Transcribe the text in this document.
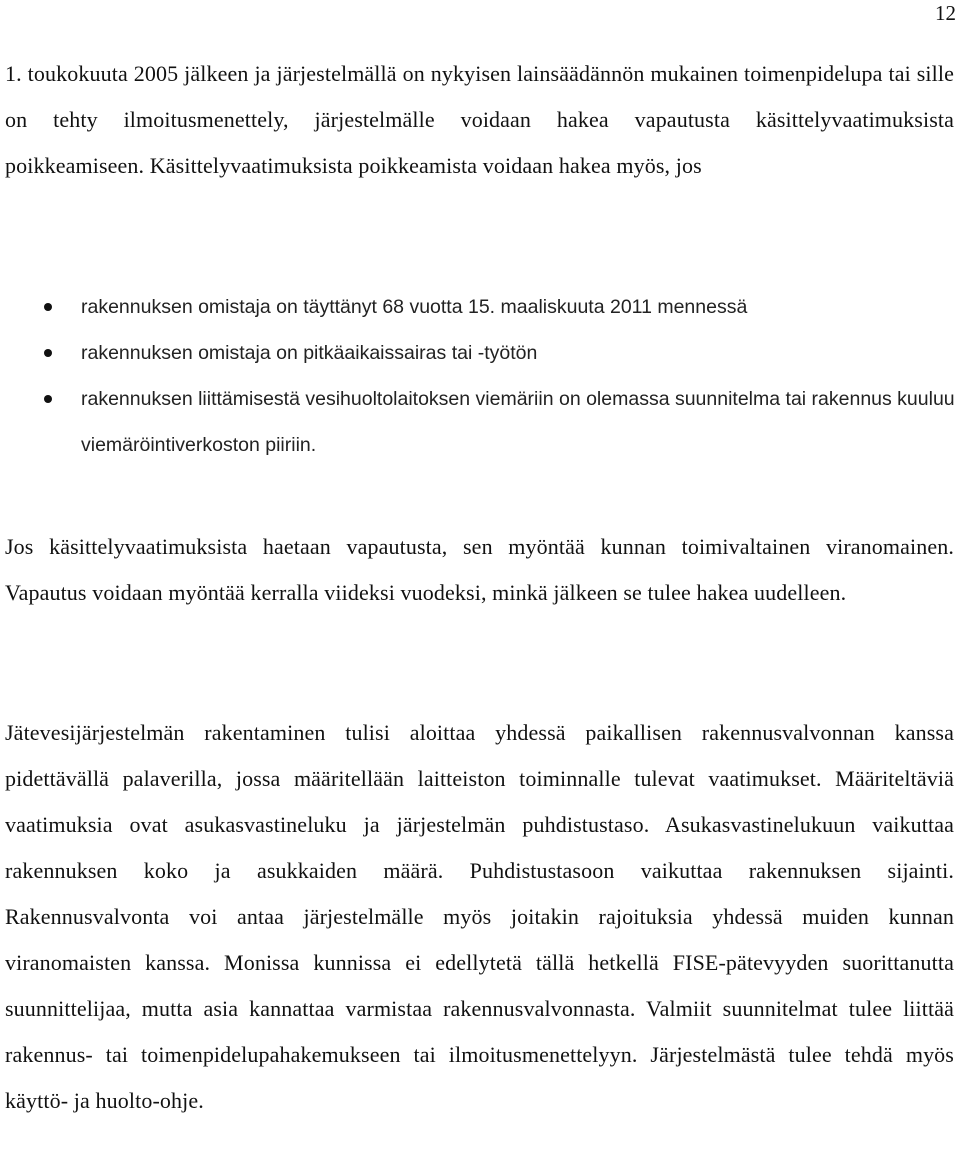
12

1. toukokuuta 2005 jälkeen ja järjestelmällä on nykyisen lainsäädännön mukainen toimenpidelupa tai sille on tehty ilmoitusmenettely, järjestelmälle voidaan hakea vapautusta käsittelyvaatimuksista poikkeamiseen. Käsittelyvaatimuksista poikkeamista voidaan hakea myös, jos

rakennuksen omistaja on täyttänyt 68 vuotta 15. maaliskuuta 2011 mennessä
rakennuksen omistaja on pitkäaikaissairas tai -työtön
rakennuksen liittämisestä vesihuoltolaitoksen viemäriin on olemassa suunnitelma tai rakennus kuuluu viemäröintiverkoston piiriin.

Jos käsittelyvaatimuksista haetaan vapautusta, sen myöntää kunnan toimivaltainen viranomainen. Vapautus voidaan myöntää kerralla viideksi vuodeksi, minkä jälkeen se tulee hakea uudelleen.

Jätevesijärjestelmän rakentaminen tulisi aloittaa yhdessä paikallisen rakennusvalvonnan kanssa pidettävällä palaverilla, jossa määritellään laitteiston toiminnalle tulevat vaatimukset. Määriteltäviä vaatimuksia ovat asukasvastineluku ja järjestelmän puhdistustaso. Asukasvastinelukuun vaikuttaa rakennuksen koko ja asukkaiden määrä. Puhdistustasoon vaikuttaa rakennuksen sijainti. Rakennusvalvonta voi antaa järjestelmälle myös joitakin rajoituksia yhdessä muiden kunnan viranomaisten kanssa. Monissa kunnissa ei edellytetä tällä hetkellä FISE-pätevyyden suorittanutta suunnittelijaa, mutta asia kannattaa varmistaa rakennusvalvonnasta. Valmiit suunnitelmat tulee liittää rakennus- tai toimenpidelupahakemukseen tai ilmoitusmenettelyyn. Järjestelmästä tulee tehdä myös käyttö- ja huolto-ohje.
